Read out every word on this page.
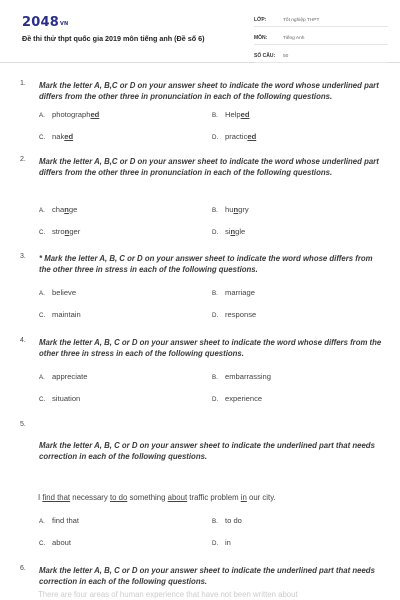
2048VN
Đề thi thử thpt quốc gia 2019 môn tiếng anh (Đề số 6)
LỚP:	Tốt nghiệp THPT
MÔN:	Tiếng Anh
SỐ CÂU:	50
1. Mark the letter A, B,C or D on your answer sheet to indicate the word whose underlined part differs from the other three in pronunciation in each of the following questions.
A. photographed	B. Helped
C. naked	D. practiced
2. Mark the letter A, B,C or D on your answer sheet to indicate the word whose underlined part differs from the other three in pronunciation in each of the following questions.
A. change	B. hungry
C. stronger	D. single
3. * Mark the letter A, B, C or D on your answer sheet to indicate the word whose differs from the other three in stress in each of the following questions.
A. believe	B. marriage
C. maintain	D. response
4. Mark the letter A, B, C or D on your answer sheet to indicate the word whose differs from the other three in stress in each of the following questions.
A. appreciate	B. embarrassing
C. situation	D. experience
5.
Mark the letter A, B, C or D on your answer sheet to indicate the underlined part that needs correction in each of the following questions.
I find that necessary to do something about traffic problem in our city.
A. find that	B. to do
C. about	D. in
6. Mark the letter A, B, C or D on your answer sheet to indicate the underlined part that needs correction in each of the following questions.
There are four areas of human experience that have not been written about
